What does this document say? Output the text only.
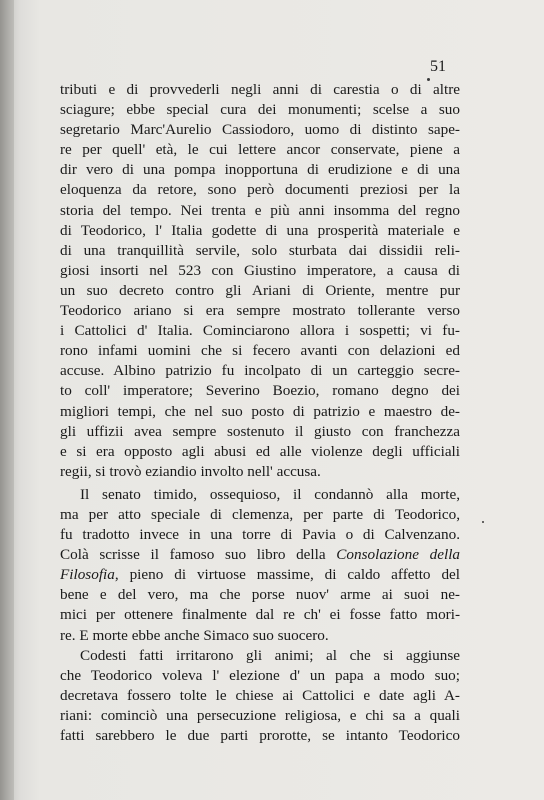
51

tributi e di provvederli negli anni di carestia o di altre
sciagure; ebbe special cura dei monumenti; scelse a suo
segretario Marc'Aurelio Cassiodoro, uomo di distinto sape-
re per quell' età, le cui lettere ancor conservate, piene a
dir vero di una pompa inopportuna di erudizione e di una
eloquenza da retore, sono però documenti preziosi per la
storia del tempo. Nei trenta e più anni insomma del regno
di Teodorico, l' Italia godette di una prosperità materiale e
di una tranquillità servile, solo sturbata dai dissidii reli-
giosi insorti nel 523 con Giustino imperatore, a causa di
un suo decreto contro gli Ariani di Oriente, mentre pur
Teodorico ariano si era sempre mostrato tollerante verso
i Cattolici d' Italia. Cominciarono allora i sospetti; vi fu-
rono infami uomini che si fecero avanti con delazioni ed
accuse. Albino patrizio fu incolpato di un carteggio secre-
to coll' imperatore; Severino Boezio, romano degno dei
migliori tempi, che nel suo posto di patrizio e maestro de-
gli uffizii avea sempre sostenuto il giusto con franchezza
e si era opposto agli abusi ed alle violenze degli ufficiali
regii, si trovò eziandio involto nell' accusa.
Il senato timido, ossequioso, il condannò alla morte,
ma per atto speciale di clemenza, per parte di Teodorico,
fu tradotto invece in una torre di Pavia o di Calvenzano.
Colà scrisse il famoso suo libro della Consolazione della
Filosofia, pieno di virtuose massime, di caldo affetto del
bene e del vero, ma che porse nuov' arme ai suoi ne-
mici per ottenere finalmente dal re ch' ei fosse fatto mori-
re. E morte ebbe anche Simaco suo suocero.
Codesti fatti irritarono gli animi; al che si aggiunse
che Teodorico voleva l' elezione d' un papa a modo suo;
decretava fossero tolte le chiese ai Cattolici e date agli A-
riani: cominciò una persecuzione religiosa, e chi sa a quali
fatti sarebbero le due parti prorotte, se intanto Teodorico
